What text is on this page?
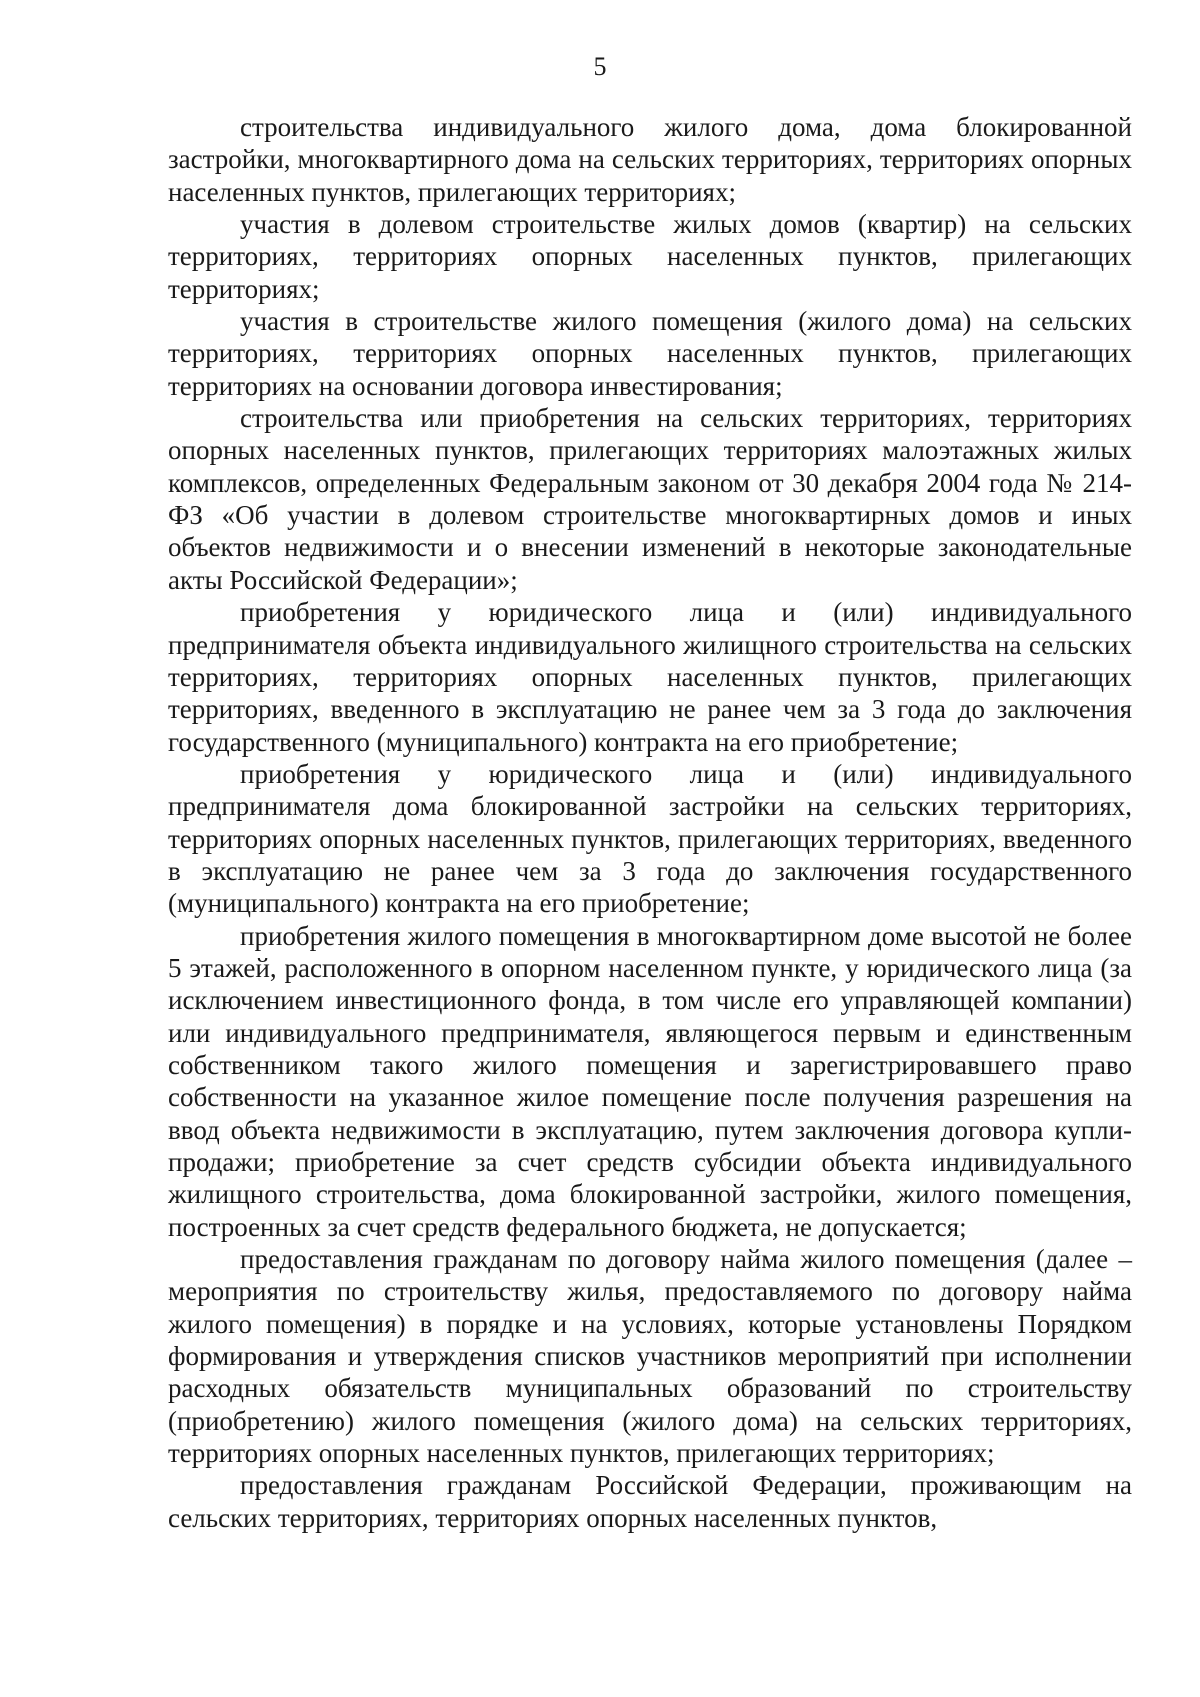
5

строительства индивидуального жилого дома, дома блокированной застройки, многоквартирного дома на сельских территориях, территориях опорных населенных пунктов, прилегающих территориях;

участия в долевом строительстве жилых домов (квартир) на сельских территориях, территориях опорных населенных пунктов, прилегающих территориях;

участия в строительстве жилого помещения (жилого дома) на сельских территориях, территориях опорных населенных пунктов, прилегающих территориях на основании договора инвестирования;

строительства или приобретения на сельских территориях, территориях опорных населенных пунктов, прилегающих территориях малоэтажных жилых комплексов, определенных Федеральным законом от 30 декабря 2004 года № 214-ФЗ «Об участии в долевом строительстве многоквартирных домов и иных объектов недвижимости и о внесении изменений в некоторые законодательные акты Российской Федерации»;

приобретения у юридического лица и (или) индивидуального предпринимателя объекта индивидуального жилищного строительства на сельских территориях, территориях опорных населенных пунктов, прилегающих территориях, введенного в эксплуатацию не ранее чем за 3 года до заключения государственного (муниципального) контракта на его приобретение;

приобретения у юридического лица и (или) индивидуального предпринимателя дома блокированной застройки на сельских территориях, территориях опорных населенных пунктов, прилегающих территориях, введенного в эксплуатацию не ранее чем за 3 года до заключения государственного (муниципального) контракта на его приобретение;

приобретения жилого помещения в многоквартирном доме высотой не более 5 этажей, расположенного в опорном населенном пункте, у юридического лица (за исключением инвестиционного фонда, в том числе его управляющей компании) или индивидуального предпринимателя, являющегося первым и единственным собственником такого жилого помещения и зарегистрировавшего право собственности на указанное жилое помещение после получения разрешения на ввод объекта недвижимости в эксплуатацию, путем заключения договора купли-продажи; приобретение за счет средств субсидии объекта индивидуального жилищного строительства, дома блокированной застройки, жилого помещения, построенных за счет средств федерального бюджета, не допускается;

предоставления гражданам по договору найма жилого помещения (далее – мероприятия по строительству жилья, предоставляемого по договору найма жилого помещения) в порядке и на условиях, которые установлены Порядком формирования и утверждения списков участников мероприятий при исполнении расходных обязательств муниципальных образований по строительству (приобретению) жилого помещения (жилого дома) на сельских территориях, территориях опорных населенных пунктов, прилегающих территориях;

предоставления гражданам Российской Федерации, проживающим на сельских территориях, территориях опорных населенных пунктов,
